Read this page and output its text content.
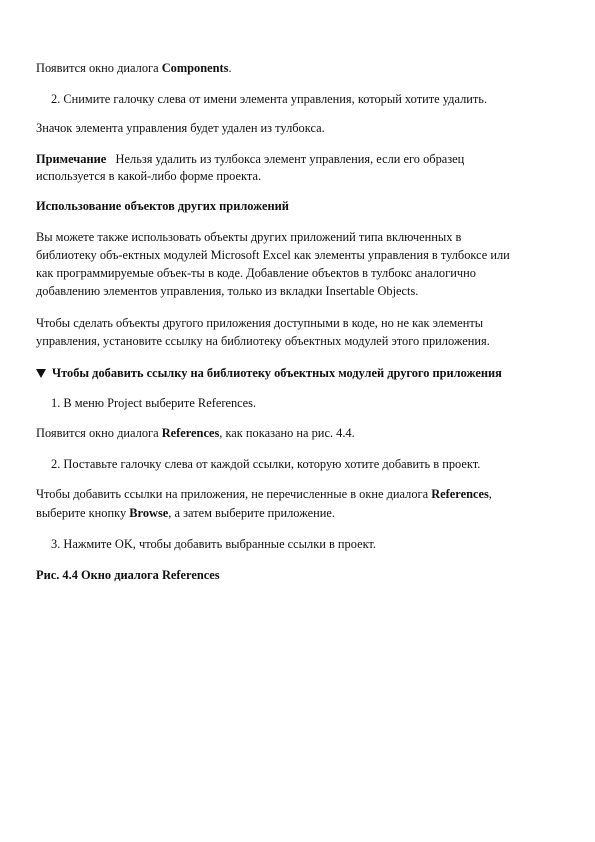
Появится окно диалога Components.
2. Снимите галочку слева от имени элемента управления, который хотите удалить.
Значок элемента управления будет удален из тулбокса.
Примечание   Нельзя удалить из тулбокса элемент управления, если его образец
используется в какой-либо форме проекта.
Использование объектов других приложений
Вы можете также использовать объекты других приложений типа включенных в
библиотеку объ-ектных модулей Microsoft Excel как элементы управления в тулбоксе или
как программируемые объек-ты в коде. Добавление объектов в тулбокс аналогично
добавлению элементов управления, только из вкладки Insertable Objects.
Чтобы сделать объекты другого приложения доступными в коде, но не как элементы
управления, установите ссылку на библиотеку объектных модулей этого приложения.
Чтобы добавить ссылку на библиотеку объектных модулей другого приложения
1. В меню Project выберите References.
Появится окно диалога References, как показано на рис. 4.4.
2. Поставьте галочку слева от каждой ссылки, которую хотите добавить в проект.
Чтобы добавить ссылки на приложения, не перечисленные в окне диалога References,
выберите кнопку Browse, а затем выберите приложение.
3. Нажмите OK, чтобы добавить выбранные ссылки в проект.
Рис. 4.4 Окно диалога References
